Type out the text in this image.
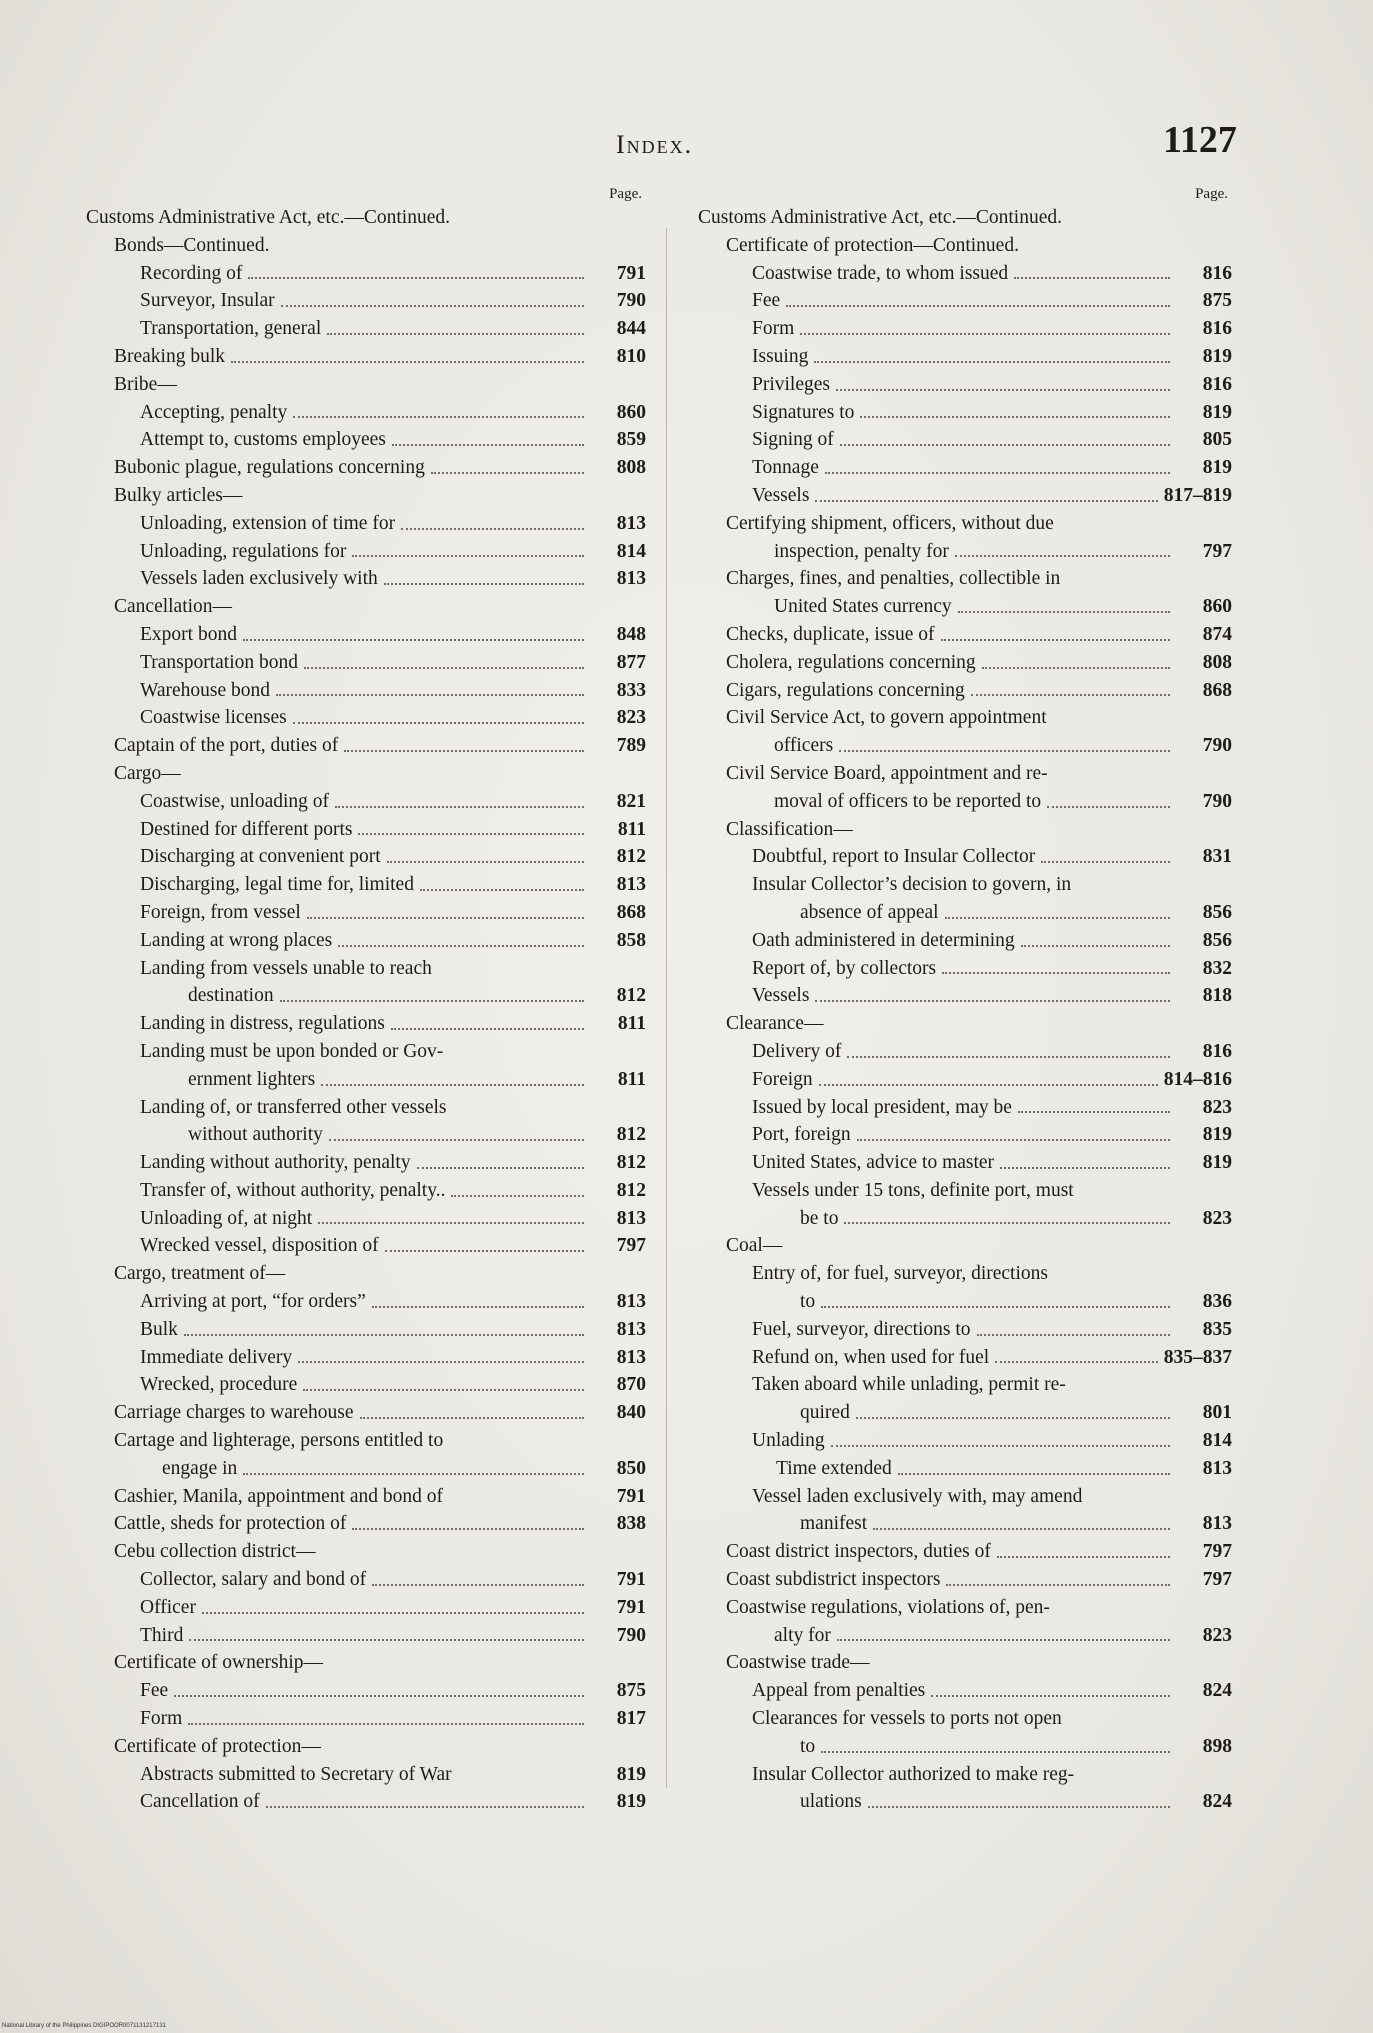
Index.	1127
Page.
Customs Administrative Act, etc.—Continued.
Bonds—Continued.
Recording of	791
Surveyor, Insular	790
Transportation, general	844
Breaking bulk	810
Bribe—
Accepting, penalty	860
Attempt to, customs employees	859
Bubonic plague, regulations concerning	808
Bulky articles—
Unloading, extension of time for	813
Unloading, regulations for	814
Vessels laden exclusively with	813
Cancellation—
Export bond	848
Transportation bond	877
Warehouse bond	833
Coastwise licenses	823
Captain of the port, duties of	789
Cargo—
Coastwise, unloading of	821
Destined for different ports	811
Discharging at convenient port	812
Discharging, legal time for, limited	813
Foreign, from vessel	868
Landing at wrong places	858
Landing from vessels unable to reach
destination	812
Landing in distress, regulations	811
Landing must be upon bonded or Gov-
ernment lighters	811
Landing of, or transferred other vessels
without authority	812
Landing without authority, penalty	812
Transfer of, without authority, penalty..	812
Unloading of, at night	813
Wrecked vessel, disposition of	797
Cargo, treatment of—
Arriving at port, “for orders”	813
Bulk	813
Immediate delivery	813
Wrecked, procedure	870
Carriage charges to warehouse	840
Cartage and lighterage, persons entitled to
engage in	850
Cashier, Manila, appointment and bond of	791
Cattle, sheds for protection of	838
Cebu collection district—
Collector, salary and bond of	791
Officer	791
Third	790
Certificate of ownership—
Fee	875
Form	817
Certificate of protection—
Abstracts submitted to Secretary of War	819
Cancellation of	819
Page.
Customs Administrative Act, etc.—Continued.
Certificate of protection—Continued.
Coastwise trade, to whom issued	816
Fee	875
Form	816
Issuing	819
Privileges	816
Signatures to	819
Signing of	805
Tonnage	819
Vessels	817–819
Certifying shipment, officers, without due
inspection, penalty for	797
Charges, fines, and penalties, collectible in
United States currency	860
Checks, duplicate, issue of	874
Cholera, regulations concerning	808
Cigars, regulations concerning	868
Civil Service Act, to govern appointment
officers	790
Civil Service Board, appointment and re-
moval of officers to be reported to	790
Classification—
Doubtful, report to Insular Collector	831
Insular Collector’s decision to govern, in
absence of appeal	856
Oath administered in determining	856
Report of, by collectors	832
Vessels	818
Clearance—
Delivery of	816
Foreign	814–816
Issued by local president, may be	823
Port, foreign	819
United States, advice to master	819
Vessels under 15 tons, definite port, must
be to	823
Coal—
Entry of, for fuel, surveyor, directions
to	836
Fuel, surveyor, directions to	835
Refund on, when used for fuel	835–837
Taken aboard while unlading, permit re-
quired	801
Unlading	814
Time extended	813
Vessel laden exclusively with, may amend
manifest	813
Coast district inspectors, duties of	797
Coast subdistrict inspectors	797
Coastwise regulations, violations of, pen-
alty for	823
Coastwise trade—
Appeal from penalties	824
Clearances for vessels to ports not open
to	898
Insular Collector authorized to make reg-
ulations	824
National Library of the Philippines DIGIPOOR0071131217131
